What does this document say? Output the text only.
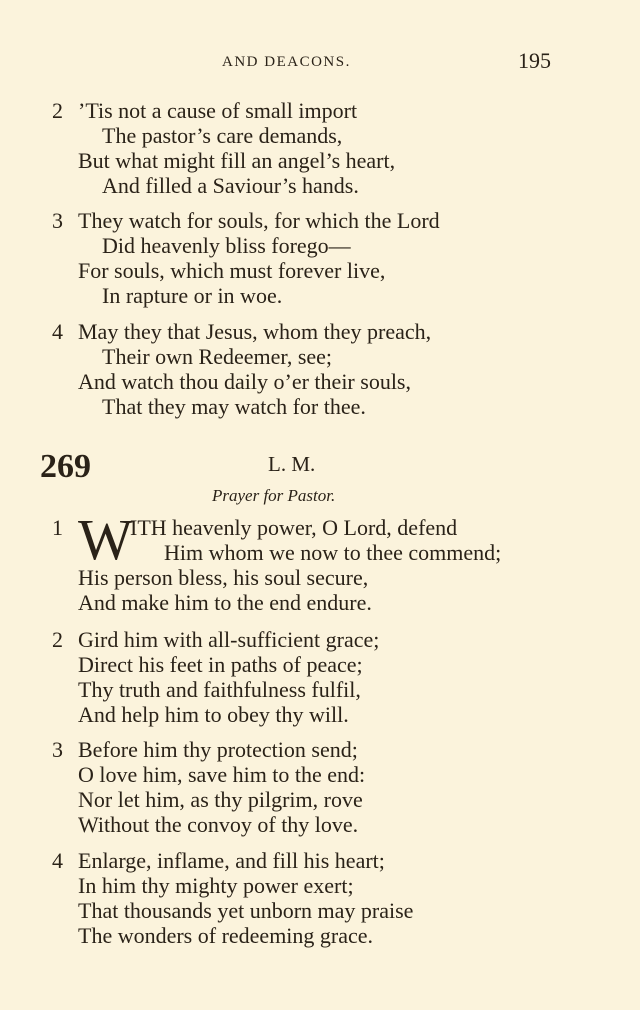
AND DEACONS.	195
2 ’Tis not a cause of small import
The pastor’s care demands,
But what might fill an angel’s heart,
And filled a Saviour’s hands.
3 They watch for souls, for which the Lord
Did heavenly bliss forego—
For souls, which must forever live,
In rapture or in woe.
4 May they that Jesus, whom they preach,
Their own Redeemer, see;
And watch thou daily o’er their souls,
That they may watch for thee.
269	L. M.
Prayer for Pastor.
1 W
ITH heavenly power, O Lord, defend
Him whom we now to thee commend;
His person bless, his soul secure,
And make him to the end endure.
2 Gird him with all-sufficient grace;
Direct his feet in paths of peace;
Thy truth and faithfulness fulfil,
And help him to obey thy will.
3 Before him thy protection send;
O love him, save him to the end:
Nor let him, as thy pilgrim, rove
Without the convoy of thy love.
4 Enlarge, inflame, and fill his heart;
In him thy mighty power exert;
That thousands yet unborn may praise
The wonders of redeeming grace.
